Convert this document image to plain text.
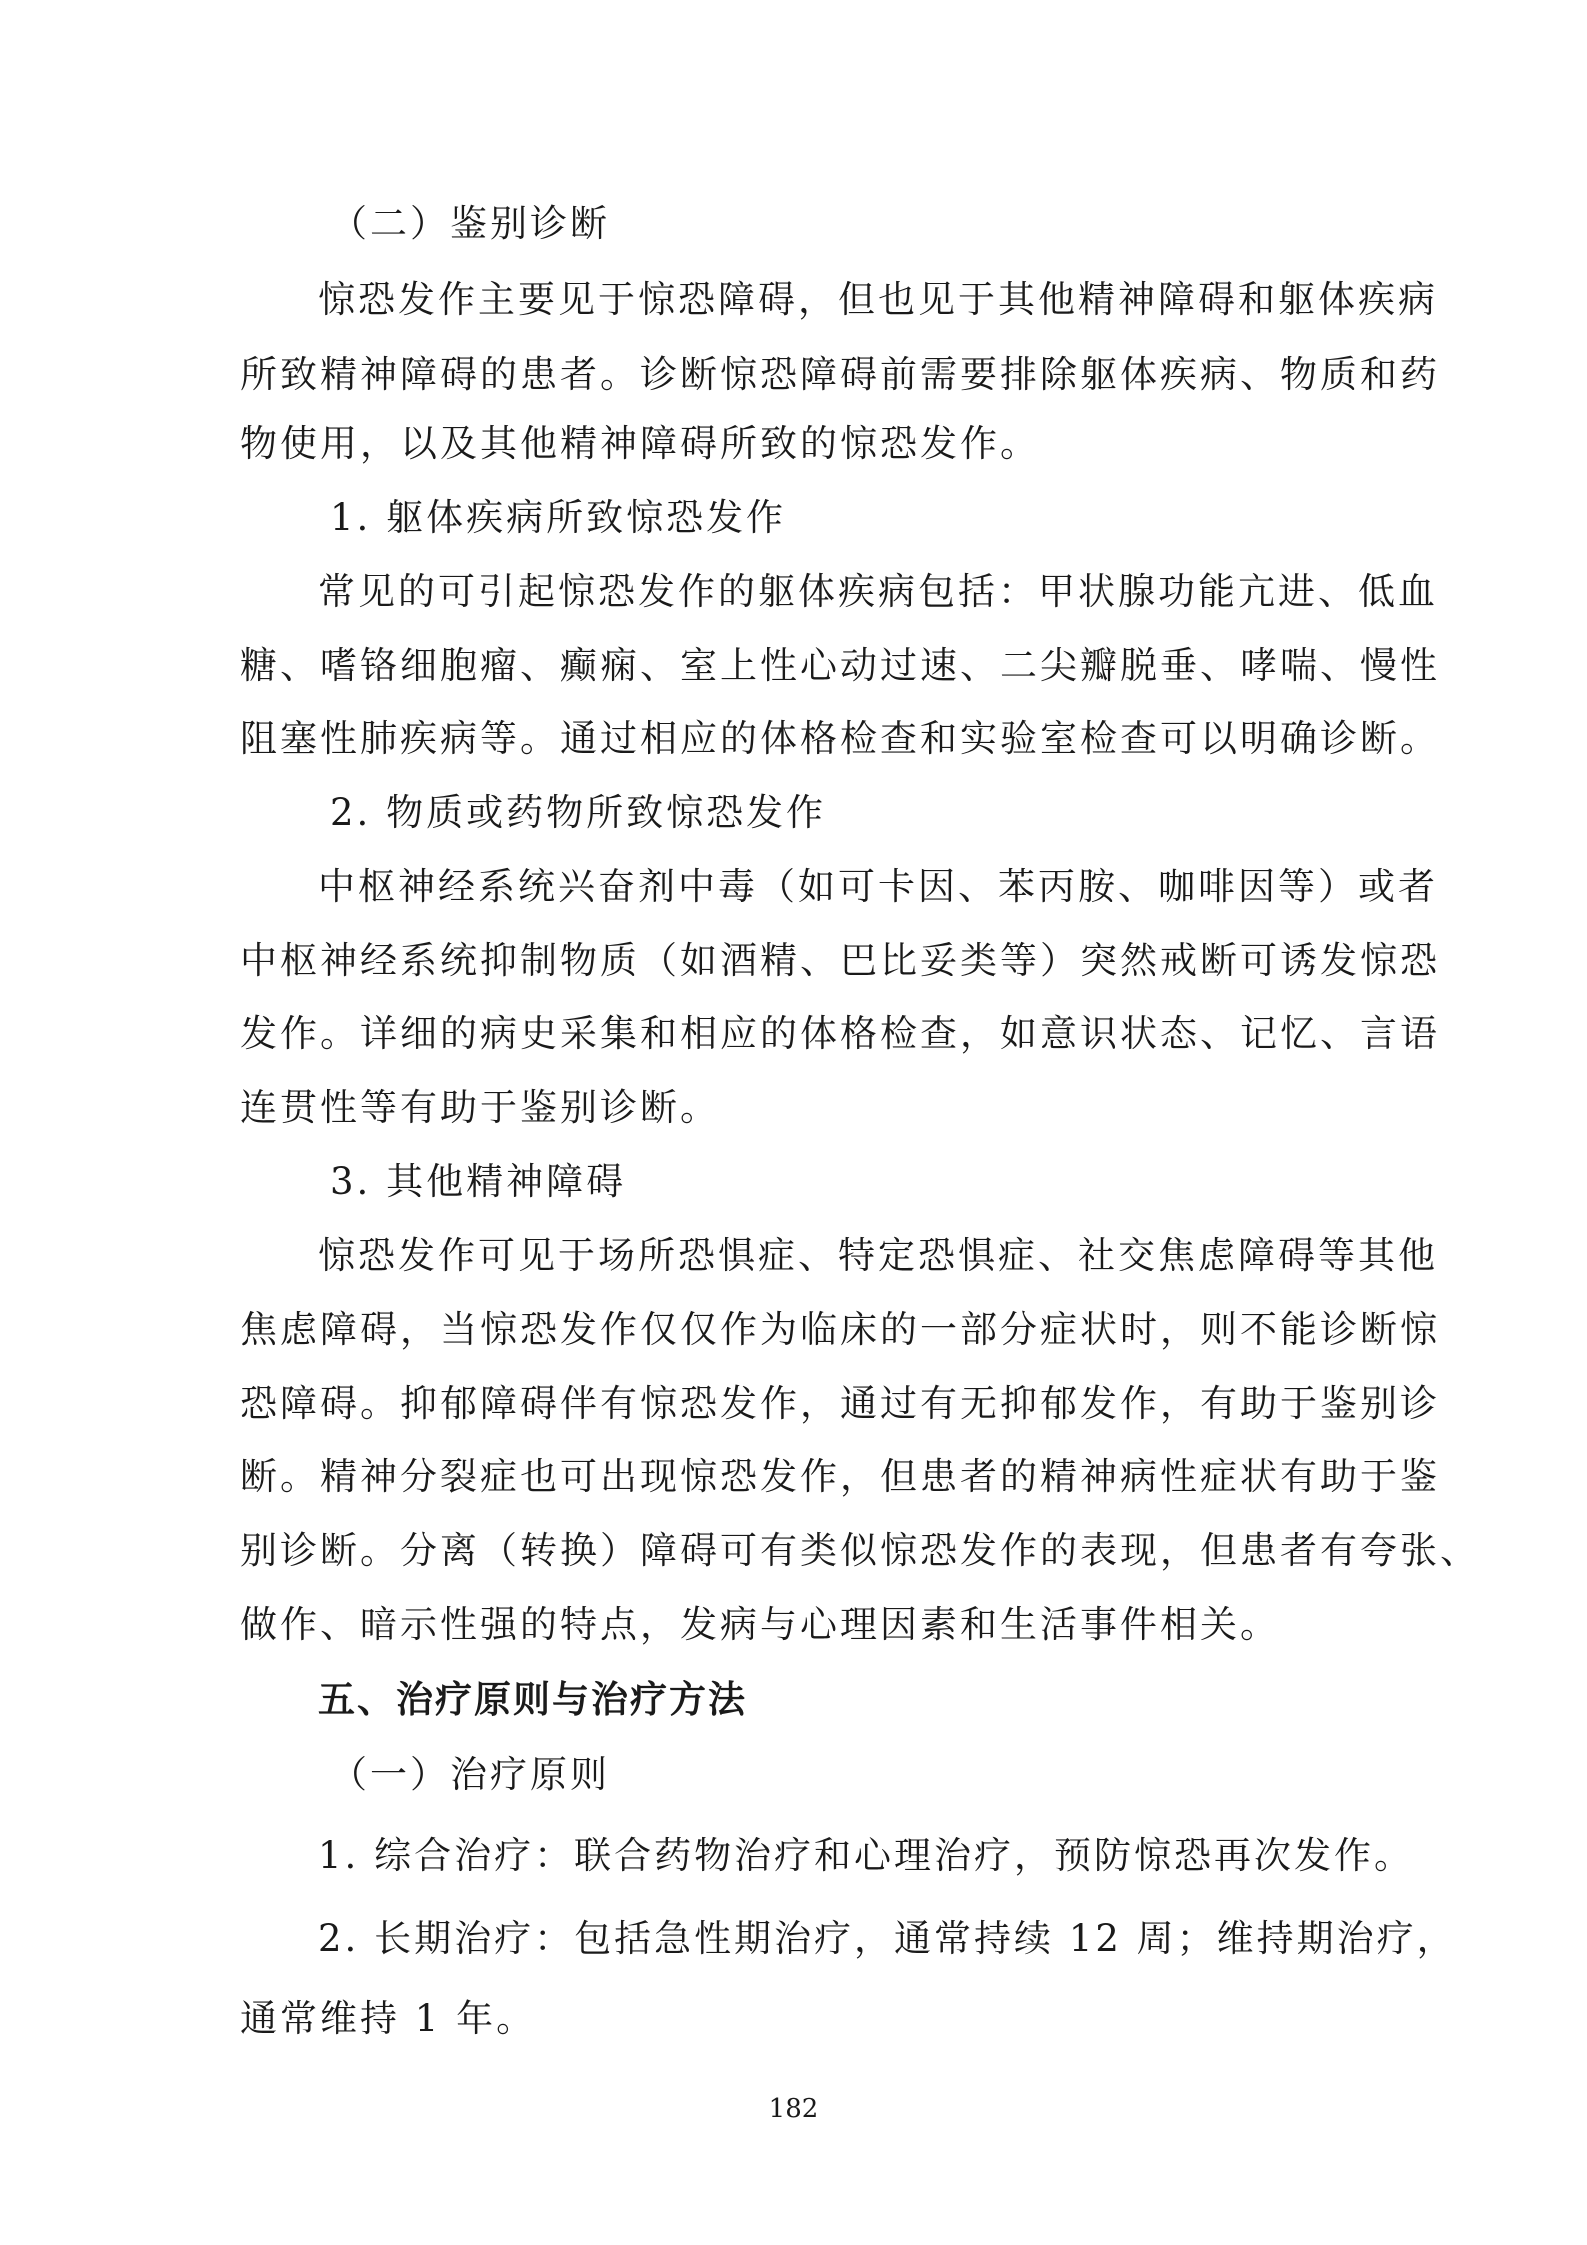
（二）鉴别诊断
惊恐发作主要见于惊恐障碍，但也见于其他精神障碍和躯体疾病
所致精神障碍的患者。诊断惊恐障碍前需要排除躯体疾病、物质和药
物使用，以及其他精神障碍所致的惊恐发作。
1. 躯体疾病所致惊恐发作
常见的可引起惊恐发作的躯体疾病包括：甲状腺功能亢进、低血
糖、嗜铬细胞瘤、癫痫、室上性心动过速、二尖瓣脱垂、哮喘、慢性
阻塞性肺疾病等。通过相应的体格检查和实验室检查可以明确诊断。
2. 物质或药物所致惊恐发作
中枢神经系统兴奋剂中毒（如可卡因、苯丙胺、咖啡因等）或者
中枢神经系统抑制物质（如酒精、巴比妥类等）突然戒断可诱发惊恐
发作。详细的病史采集和相应的体格检查，如意识状态、记忆、言语
连贯性等有助于鉴别诊断。
3. 其他精神障碍
惊恐发作可见于场所恐惧症、特定恐惧症、社交焦虑障碍等其他
焦虑障碍，当惊恐发作仅仅作为临床的一部分症状时，则不能诊断惊
恐障碍。抑郁障碍伴有惊恐发作，通过有无抑郁发作，有助于鉴别诊
断。精神分裂症也可出现惊恐发作，但患者的精神病性症状有助于鉴
别诊断。分离（转换）障碍可有类似惊恐发作的表现，但患者有夸张、
做作、暗示性强的特点，发病与心理因素和生活事件相关。
五、治疗原则与治疗方法
（一）治疗原则
1. 综合治疗：联合药物治疗和心理治疗，预防惊恐再次发作。
2. 长期治疗：包括急性期治疗，通常持续 12 周；维持期治疗，
通常维持 1 年。
182
